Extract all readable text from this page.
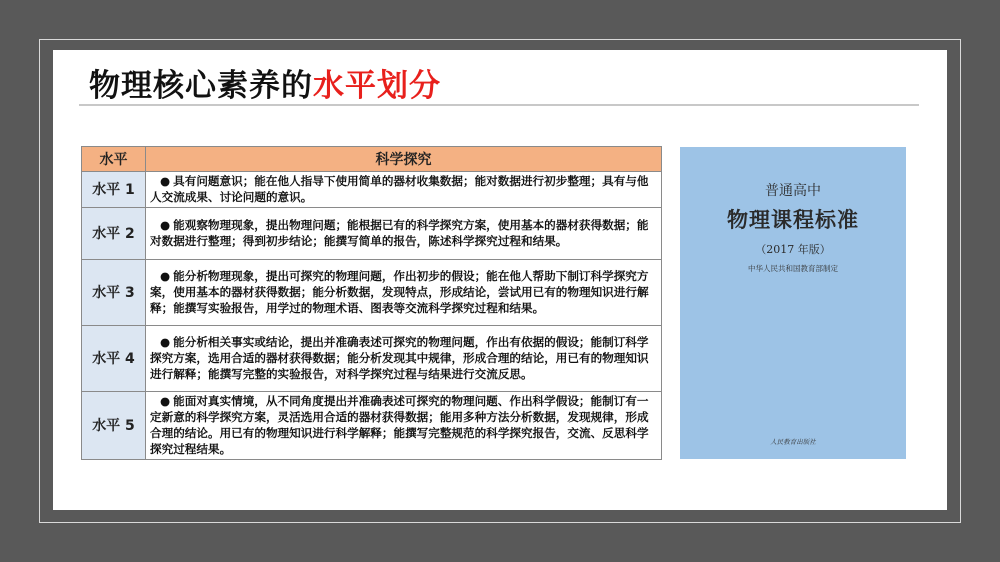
物理核心素养的水平划分
水平	科学探究
水平 1	● 具有问题意识；能在他人指导下使用简单的器材收集数据；能对数据进行初步整理；具有与他人交流成果、讨论问题的意识。
水平 2	● 能观察物理现象，提出物理问题；能根据已有的科学探究方案，使用基本的器材获得数据；能对数据进行整理；得到初步结论；能撰写简单的报告，陈述科学探究过程和结果。
水平 3	● 能分析物理现象，提出可探究的物理问题，作出初步的假设；能在他人帮助下制订科学探究方案，使用基本的器材获得数据；能分析数据，发现特点，形成结论，尝试用已有的物理知识进行解释；能撰写实验报告，用学过的物理术语、图表等交流科学探究过程和结果。
水平 4	● 能分析相关事实或结论，提出并准确表述可探究的物理问题，作出有依据的假设；能制订科学探究方案，选用合适的器材获得数据；能分析发现其中规律，形成合理的结论，用已有的物理知识进行解释；能撰写完整的实验报告，对科学探究过程与结果进行交流反思。
水平 5	● 能面对真实情境，从不同角度提出并准确表述可探究的物理问题、作出科学假设；能制订有一定新意的科学探究方案，灵活选用合适的器材获得数据；能用多种方法分析数据，发现规律，形成合理的结论。用已有的物理知识进行科学解释；能撰写完整规范的科学探究报告，交流、反思科学探究过程结果。
普通高中
物理课程标准
（2017 年版）
中华人民共和国教育部制定
人民教育出版社
